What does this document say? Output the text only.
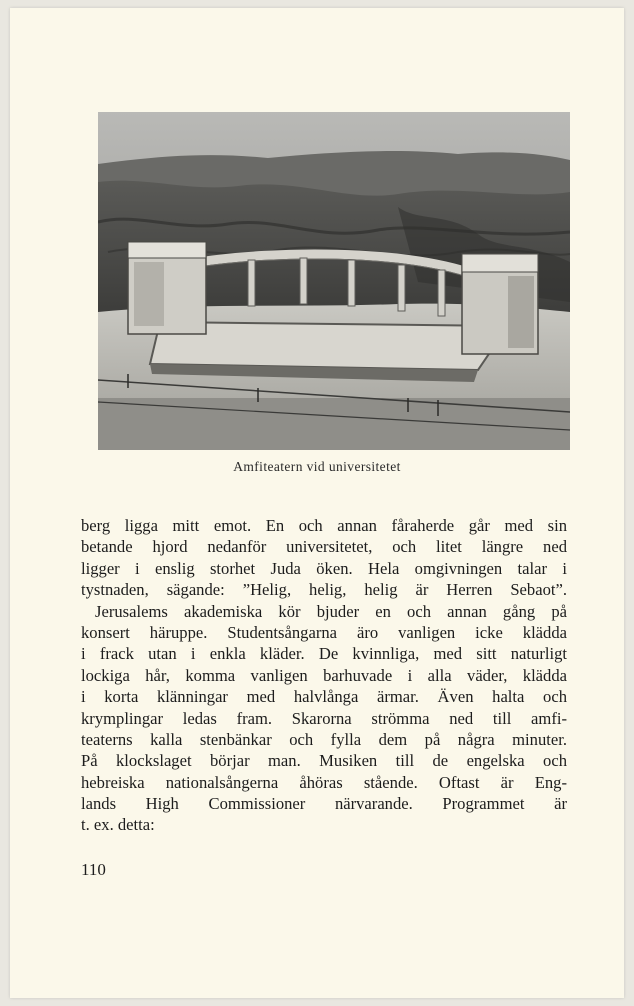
Amfiteatern vid universitetet
berg ligga mitt emot. En och annan fåraherde går med sin
betande hjord nedanför universitetet, och litet längre ned
ligger i enslig storhet Juda öken. Hela omgivningen talar i
tystnaden, sägande: ”Helig, helig, helig är Herren Sebaot”.
Jerusalems akademiska kör bjuder en och annan gång på
konsert häruppe. Studentsångarna äro vanligen icke klädda
i frack utan i enkla kläder. De kvinnliga, med sitt naturligt
lockiga hår, komma vanligen barhuvade i alla väder, klädda
i korta klänningar med halvlånga ärmar. Även halta och
krymplingar ledas fram. Skarorna strömma ned till amfi-
teaterns kalla stenbänkar och fylla dem på några minuter.
På klockslaget börjar man. Musiken till de engelska och
hebreiska nationalsångerna åhöras stående. Oftast är Eng-
lands High Commissioner närvarande. Programmet är
t. ex. detta:
110
